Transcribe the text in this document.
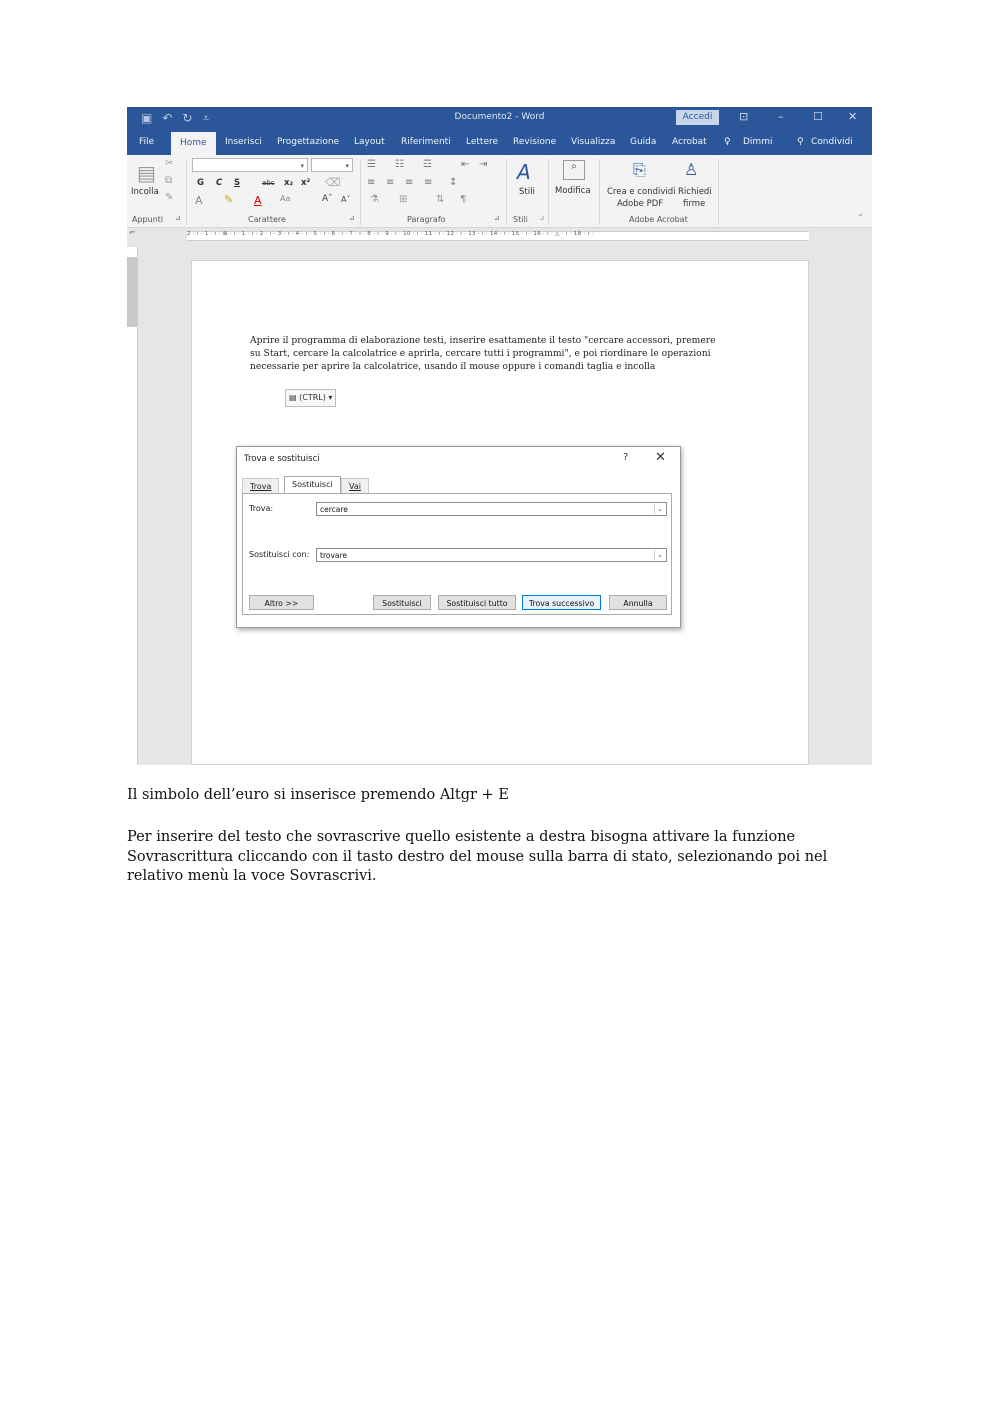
▣ ↶ ↻ ⩡	Documento2 - Word	Accedi	⊡	–	☐ ✕
File	Home	Inserisci Progettazione Layout Riferimenti Lettere Revisione Visualizza Guida Acrobat ♀ Dimmi	⚲ Condividi
▤
Incolla
✂
⧉
✎
Appunti ⊿
▾	▾
G C S	abc x₂ x² ⌫
A ✎ A Aa	Aˆ Aˇ
Carattere	⊿
☰ ☷ ☲	⇤ ⇥
≡ ≡ ≡ ≡ ↕
⚗ ⊞	⇅ ¶
Paragrafo	⊿
A
Stili
Stili ⊿
⌕
Modifica
⎘
Crea e condividi
Adobe PDF
♙
Richiedi
firme
Adobe Acrobat	⌃
⌐	2 · ı · 1 · ı · ⊠ · ı · 1 · ı · 2 · ı · 3 · ı · 4 · ı · 5 · ı · 6 · ı · 7 · ı · 8 · ı · 9 · ı · 10 · ı · 11 · ı · 12 · ı · 13 · ı · 14 · ı · 15 · ı · 16 · ı · △ · ı · 18 · ı ·
Aprire il programma di elaborazione testi, inserire esattamente il testo "cercare accessori, premere su Start, cercare la calcolatrice e aprirla, cercare tutti i programmi", e poi riordinare le operazioni necessarie per aprire la calcolatrice, usando il mouse oppure i comandi taglia e incolla
▤ (CTRL) ▾
Trova e sostituisci	? ✕
Trova	Sostituisci	Vai
Trova:	cercare	⌄
Sostituisci con:	trovare	⌄
Altro >>	Sostituisci	Sostituisci tutto	Trova successivo	Annulla
Il simbolo dell’euro si inserisce premendo Altgr + E
Per inserire del testo che sovrascrive quello esistente a destra bisogna attivare la funzione Sovrascrittura cliccando con il tasto destro del mouse sulla barra di stato, selezionando poi nel relativo menù la voce Sovrascrivi.
